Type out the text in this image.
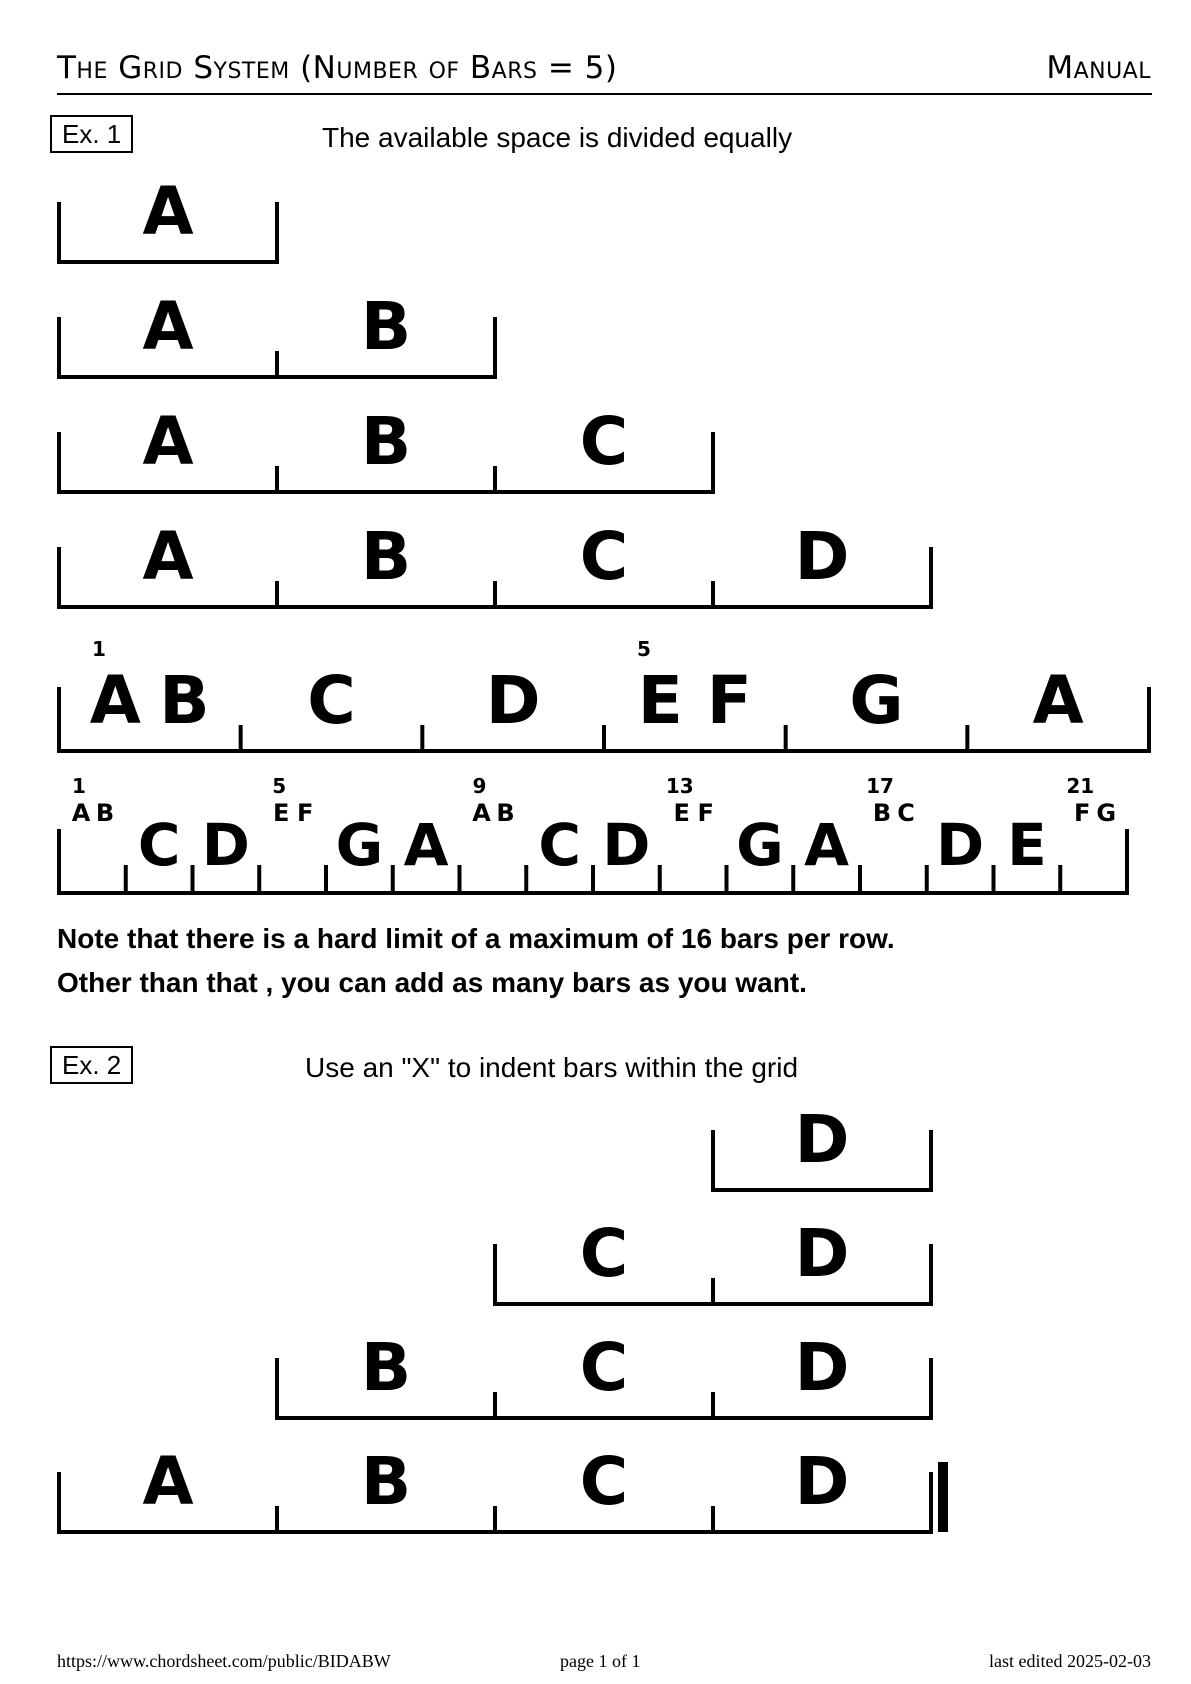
The Grid System (Number of Bars = 5)	Manual
Ex. 1	The available space is divided equally
Note that there is a hard limit of a maximum of 16 bars per row.
Other than that , you can add as many bars as you want.
Ex. 2	Use an "X" to indent bars within the grid
A
A	B
A	B	C
A	B	C	D
1
A B C D
5
E F G A
1
A B C D
5
E F G A
9
A B C D
13
E F G A
17
B C D E
21
F G
D
C	D
B	C	D
A	B	C	D
https://www.chordsheet.com/public/BIDABW	page 1 of 1	last edited 2025-02-03
